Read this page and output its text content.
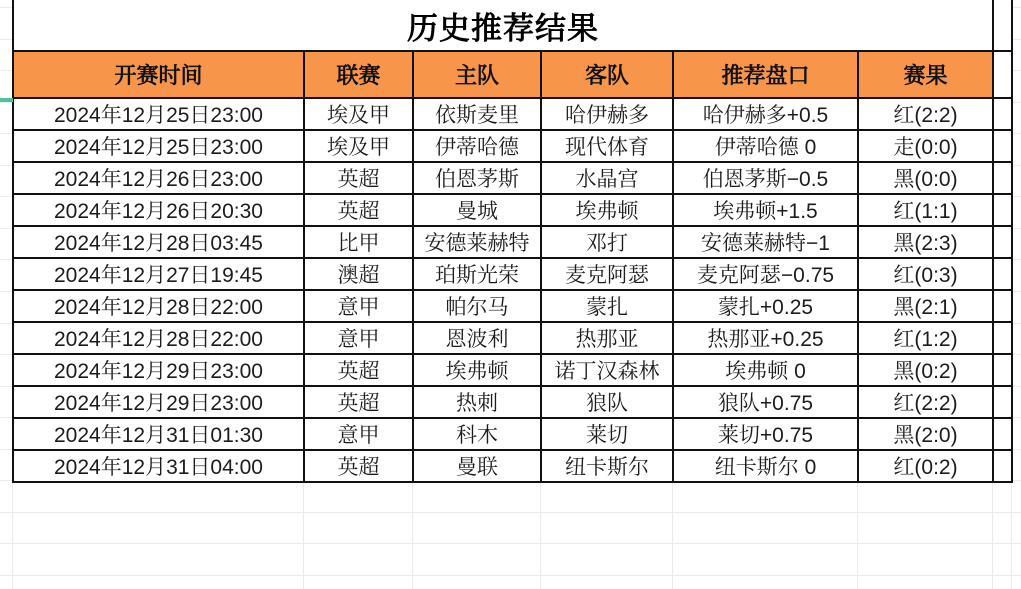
历史推荐结果						
开赛时间	联赛	主队	客队	推荐盘口	赛果	
2024年12月25日23:00	埃及甲	依斯麦里	哈伊赫多	哈伊赫多+0.5	红(2:2)	
2024年12月25日23:00	埃及甲	伊蒂哈德	现代体育	伊蒂哈德 0	走(0:0)	
2024年12月26日23:00	英超	伯恩茅斯	水晶宫	伯恩茅斯−0.5	黑(0:0)	
2024年12月26日20:30	英超	曼城	埃弗顿	埃弗顿+1.5	红(1:1)	
2024年12月28日03:45	比甲	安德莱赫特	邓打	安德莱赫特−1	黑(2:3)	
2024年12月27日19:45	澳超	珀斯光荣	麦克阿瑟	麦克阿瑟−0.75	红(0:3)	
2024年12月28日22:00	意甲	帕尔马	蒙扎	蒙扎+0.25	黑(2:1)	
2024年12月28日22:00	意甲	恩波利	热那亚	热那亚+0.25	红(1:2)	
2024年12月29日23:00	英超	埃弗顿	诺丁汉森林	埃弗顿 0	黑(0:2)	
2024年12月29日23:00	英超	热刺	狼队	狼队+0.75	红(2:2)	
2024年12月31日01:30	意甲	科木	莱切	莱切+0.75	黑(2:0)	
2024年12月31日04:00	英超	曼联	纽卡斯尔	纽卡斯尔 0	红(0:2)	
